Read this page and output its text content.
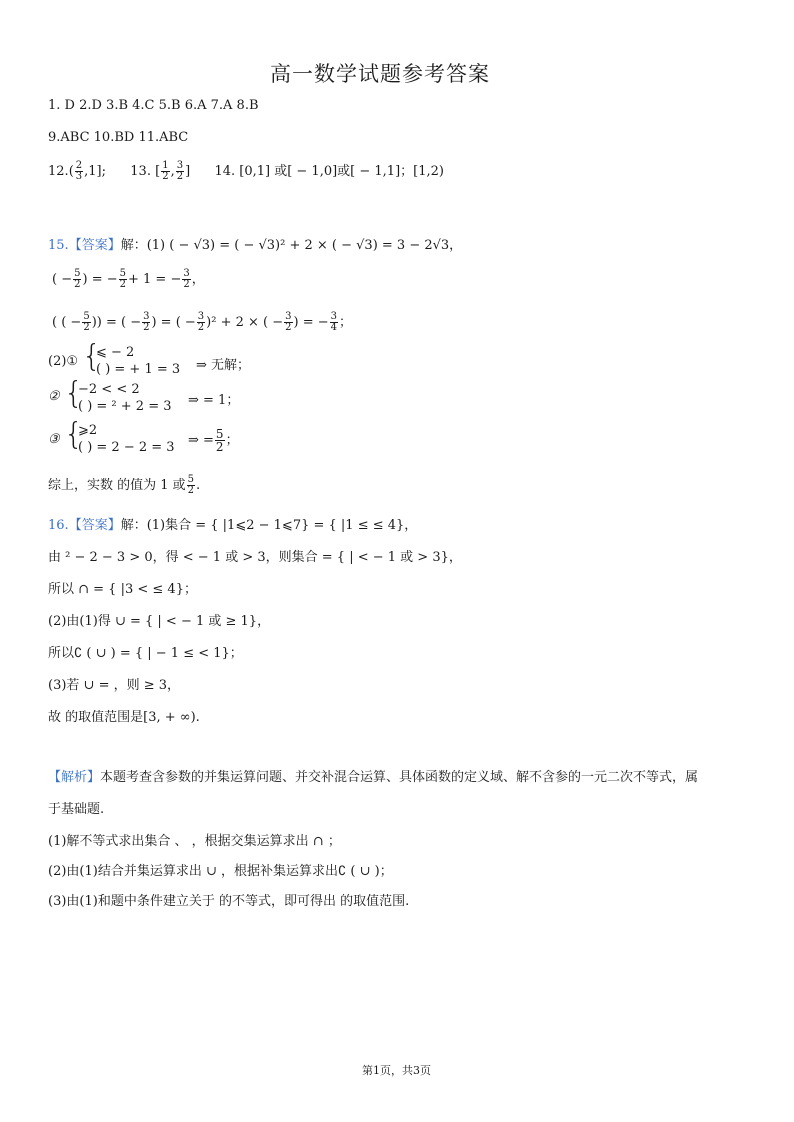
高一数学试题参考答案
1. D 2.D 3.B 4.C 5.B 6.A 7.A 8.B
9.ABC 10.BD 11.ABC
$12.( \frac{2}{3} ,1]$; 13. [ $\frac{1}{2}$ , $\frac{3}{2}$ ] 14. [0,1] 或[ − 1,0]或[ − 1,1]；[1,2)
15.【答案】解：(1) ( − √3) = ( − √3)² + 2 × ( − √3) = 3 − 2√3，
( − $\frac{5}{2}$ ) = − $\frac{5}{2} + 1$ = − $\frac{3}{2}$ ，
( ( − $\frac{5}{2}$ )) = ( − $\frac{3}{2}$ ) = ( − $\frac{3}{2} )^2 + 2$ × ( − $\frac{3}{2}$ ) = − $\frac{3}{4}$ ；
(2)① {
⩽ − 2
( ) = + 1 = 3 ⇒ 无解；
② {
−2 < < 2
( ) = ² + 2 = 3 ⇒ = 1；
③ {
⩾2
( ) = 2 − 2 = 3 ⇒ = $\frac{5}{2}$ ；
综上，实数 的值为 1 或 $\frac{5}{2}$ .
16.【答案】解：(1)集合 = { |1⩽2 − 1⩽7} = { |1 ≤ ≤ 4}，
由 ² − 2 − 3 > 0，得 < − 1 或 > 3，则集合 = { | < − 1 或 > 3}，
所以 ∩ = { |3 < ≤ 4}；
(2)由(1)得 ∪ = { | < − 1 或 ≥ 1}，
所以∁ ( ∪ ) = { | − 1 ≤ < 1}；
(3)若 ∪ = ，则 ≥ 3，
故 的取值范围是[3, + ∞).
【解析】本题考查含参数的并集运算问题、并交补混合运算、具体函数的定义域、解不含参的一元二次不等式，属
于基础题.
(1)解不等式求出集合 、 ，根据交集运算求出 ∩ ；
(2)由(1)结合并集运算求出 ∪ ，根据补集运算求出∁ ( ∪ )；
(3)由(1)和题中条件建立关于 的不等式，即可得出 的取值范围.
第1页，共3页
